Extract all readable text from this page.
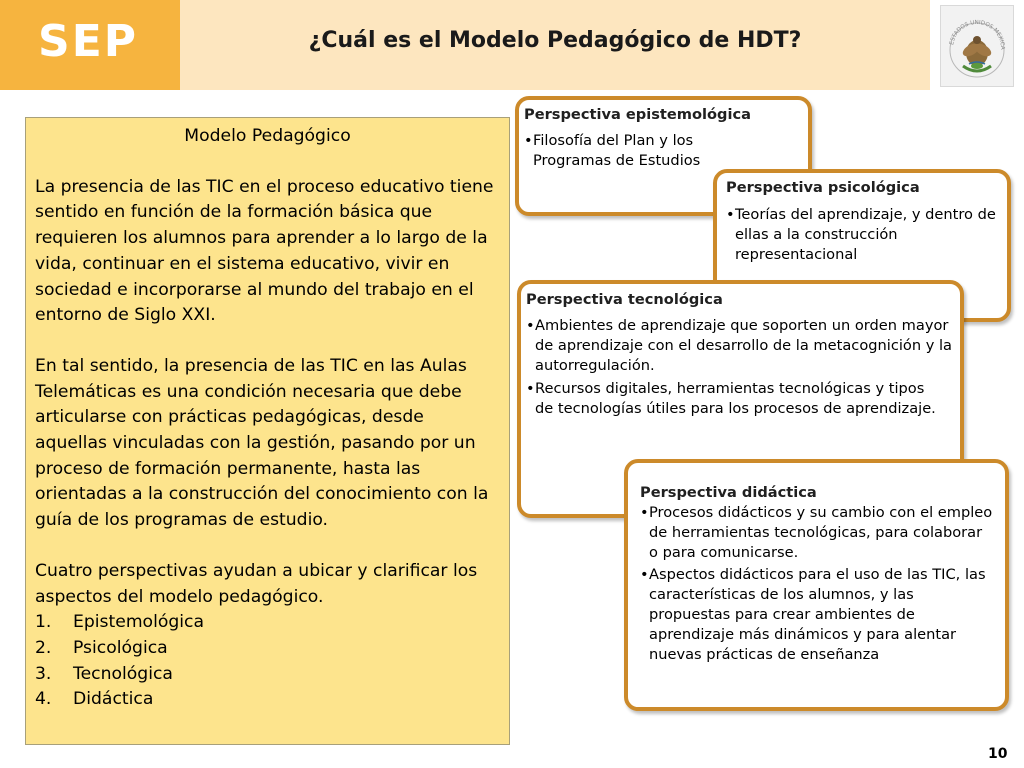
SEP	¿Cuál es el Modelo Pedagógico de HDT?	ESTADOS UNIDOS MEXICA
Modelo Pedagógico

La presencia de las TIC en el proceso educativo tiene sentido en función de la formación básica que requieren los alumnos para aprender a lo largo de la vida, continuar en el sistema educativo, vivir en sociedad e incorporarse al mundo del trabajo en el entorno de Siglo XXI.

En tal sentido, la presencia de las TIC en las Aulas Telemáticas es una condición necesaria que debe articularse con prácticas pedagógicas, desde aquellas vinculadas con la gestión, pasando por un proceso de formación permanente, hasta las orientadas a la construcción del conocimiento con la guía de los programas de estudio.

Cuatro perspectivas ayudan a ubicar y clarificar los aspectos del modelo pedagógico.

1.	Epistemológica
2.	Psicológica
3.	Tecnológica
4.	Didáctica
Perspectiva epistemológica
• Filosofía del Plan y los Programas de Estudios
Perspectiva psicológica
• Teorías del aprendizaje, y dentro de ellas a la construcción representacional
Perspectiva tecnológica
• Ambientes de aprendizaje que soporten un orden mayor de aprendizaje con el desarrollo de la metacognición y la autorregulación.
• Recursos digitales, herramientas tecnológicas y tipos de tecnologías útiles para los procesos de aprendizaje.
Perspectiva didáctica
• Procesos didácticos y su cambio con el empleo de herramientas tecnológicas, para colaborar o para comunicarse.
• Aspectos didácticos para el uso de las TIC, las características de los alumnos, y las propuestas para crear ambientes de aprendizaje más dinámicos y para alentar nuevas prácticas de enseñanza
10
